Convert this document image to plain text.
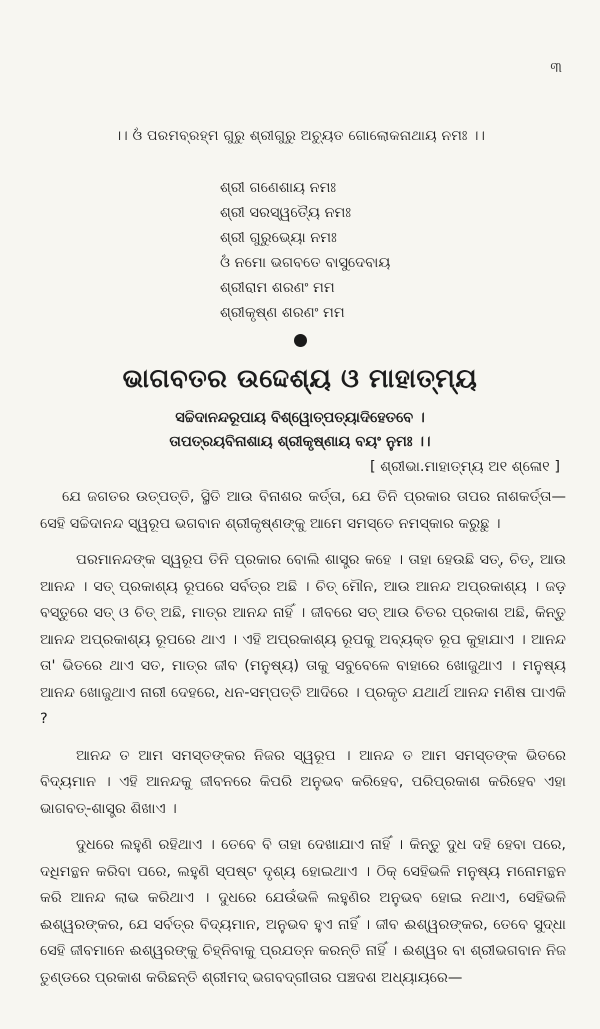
୩
।। ଓଁ ପରମବ୍ରହ୍ମ ଗୁରୁ ଶ୍ରୀଗୁରୁ ଅଚ୍ୟୁତ ଗୋଲୋକନାଥାୟ ନମଃ ।।
ଶ୍ରୀ ଗଣେଶାୟ ନମଃ
ଶ୍ରୀ ସରସ୍ୱତ୍ୟୈ ନମଃ
ଶ୍ରୀ ଗୁରୁଭ୍ୟୋ ନମଃ
ଓଁ ନମୋ ଭଗବତେ ବାସୁଦେବାୟ
ଶ୍ରୀରାମ ଶରଣଂ ମମ
ଶ୍ରୀକୃଷ୍ଣ ଶରଣଂ ମମ
ଭାଗବତର ଉଦ୍ଦେଶ୍ୟ ଓ ମାହାତ୍ମ୍ୟ
ସଚ୍ଚିଦାନନ୍ଦରୂପାୟ ବିଶ୍ୱୋତ୍ପତ୍ୟାଦିହେତବେ ।
ତାପତ୍ରୟବିନାଶାୟ ଶ୍ରୀକୃଷ୍ଣାୟ ବୟଂ ନୁମଃ ।।
[ ଶ୍ରୀଭା.ମାହାତ୍ମ୍ୟ ଅ୧ ଶ୍ଳୋ୧ ]

ଯେ ଜଗତର ଉତ୍ପତ୍ତି, ସ୍ଥିତି ଆଉ ବିନାଶର କର୍ତ୍ତା, ଯେ ତିନି ପ୍ରକାର ତାପର ନାଶକର୍ତ୍ତା—ସେହି ସଚ୍ଚିଦାନନ୍ଦ ସ୍ୱରୂପ ଭଗବାନ ଶ୍ରୀକୃଷ୍ଣଙ୍କୁ ଆମେ ସମସ୍ତେ ନମସ୍କାର କରୁଛୁ ।

ପରମାନନ୍ଦଙ୍କ ସ୍ୱରୂପ ତିନି ପ୍ରକାର ବୋଲି ଶାସ୍ତ୍ର କହେ । ତାହା ହେଉଛି ସତ୍, ଚିତ୍, ଆଉ ଆନନ୍ଦ । ସତ୍ ପ୍ରକାଶ୍ୟ ରୂପରେ ସର୍ବତ୍ର ଅଛି । ଚିତ୍ ମୌନ, ଆଉ ଆନନ୍ଦ ଅପ୍ରକାଶ୍ୟ । ଜଡ଼ ବସ୍ତୁରେ ସତ୍ ଓ ଚିତ୍ ଅଛି, ମାତ୍ର ଆନନ୍ଦ ନାହିଁ । ଜୀବରେ ସତ୍ ଆଉ ଚିତର ପ୍ରକାଶ ଅଛି, କିନ୍ତୁ ଆନନ୍ଦ ଅପ୍ରକାଶ୍ୟ ରୂପରେ ଥାଏ । ଏହି ଅପ୍ରକାଶ୍ୟ ରୂପକୁ ଅବ୍ୟକ୍ତ ରୂପ କୁହାଯାଏ । ଆନନ୍ଦ ତା' ଭିତରେ ଥାଏ ସତ, ମାତ୍ର ଜୀବ (ମନୁଷ୍ୟ) ତାକୁ ସବୁବେଳେ ବାହାରେ ଖୋଜୁଥାଏ । ମନୁଷ୍ୟ ଆନନ୍ଦ ଖୋଜୁଥାଏ ନାରୀ ଦେହରେ, ଧନ-ସମ୍ପତ୍ତି ଆଦିରେ । ପ୍ରକୃତ ଯଥାର୍ଥ ଆନନ୍ଦ ମଣିଷ ପାଏକି ?

ଆନନ୍ଦ ତ ଆମ ସମସ୍ତଙ୍କର ନିଜର ସ୍ୱରୂପ । ଆନନ୍ଦ ତ ଆମ ସମସ୍ତଙ୍କ ଭିତରେ ବିଦ୍ୟମାନ । ଏହି ଆନନ୍ଦକୁ ଜୀବନରେ କିପରି ଅନୁଭବ କରିହେବ, ପରିପ୍ରକାଶ କରିହେବ ଏହା ଭାଗବତ୍-ଶାସ୍ତ୍ର ଶିଖାଏ ।

ଦୁଧରେ ଲହୁଣି ରହିଥାଏ । ତେବେ ବି ତାହା ଦେଖାଯାଏ ନାହିଁ । କିନ୍ତୁ ଦୁଧ ଦହି ହେବା ପରେ, ଦଧିମନ୍ଥନ କରିବା ପରେ, ଲହୁଣି ସ୍ପଷ୍ଟ ଦୃଶ୍ୟ ହୋଇଥାଏ । ଠିକ୍ ସେହିଭଳି ମନୁଷ୍ୟ ମନୋମନ୍ଥନ କରି ଆନନ୍ଦ ଲାଭ କରିଥାଏ । ଦୁଧରେ ଯେଉଁଭଳି ଲହୁଣିର ଅନୁଭବ ହୋଇ ନଥାଏ, ସେହିଭଳି ଈଶ୍ୱରଙ୍କର, ଯେ ସର୍ବତ୍ର ବିଦ୍ୟମାନ, ଅନୁଭବ ହୁଏ ନାହିଁ । ଜୀବ ଈଶ୍ୱରଙ୍କର, ତେବେ ସୁଦ୍ଧା ସେହି ଜୀବମାନେ ଈଶ୍ୱରଙ୍କୁ ଚିହ୍ନିବାକୁ ପ୍ରଯତ୍ନ କରନ୍ତି ନାହିଁ । ଈଶ୍ୱର ବା ଶ୍ରୀଭଗବାନ ନିଜ ତୁଣ୍ଡରେ ପ୍ରକାଶ କରିଛନ୍ତି ଶ୍ରୀମଦ୍ ଭଗବଦ୍‌ଗୀତାର ପଞ୍ଚଦଶ ଅଧ୍ୟାୟରେ—
